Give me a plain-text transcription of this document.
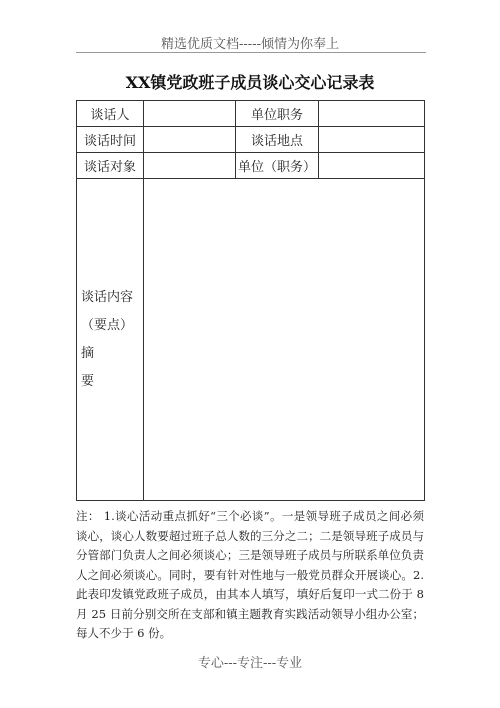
精选优质文档-----倾情为你奉上
XX镇党政班子成员谈心交心记录表
谈话人		单位职务	
谈话时间		谈话地点	
谈话对象		单位（职务）	

谈话内容
（要点）摘
要			

注： 1.谈心活动重点抓好“三个必谈”。一是领导班子成员之间必须谈心，谈心人数要超过班子总人数的三分之二；二是领导班子成员与分管部门负责人之间必须谈心；三是领导班子成员与所联系单位负责人之间必须谈心。同时，要有针对性地与一般党员群众开展谈心。2.此表印发镇党政班子成员，由其本人填写，填好后复印一式二份于 8月 25 日前分别交所在支部和镇主题教育实践活动领导小组办公室；每人不少于 6 份。
专心---专注---专业
